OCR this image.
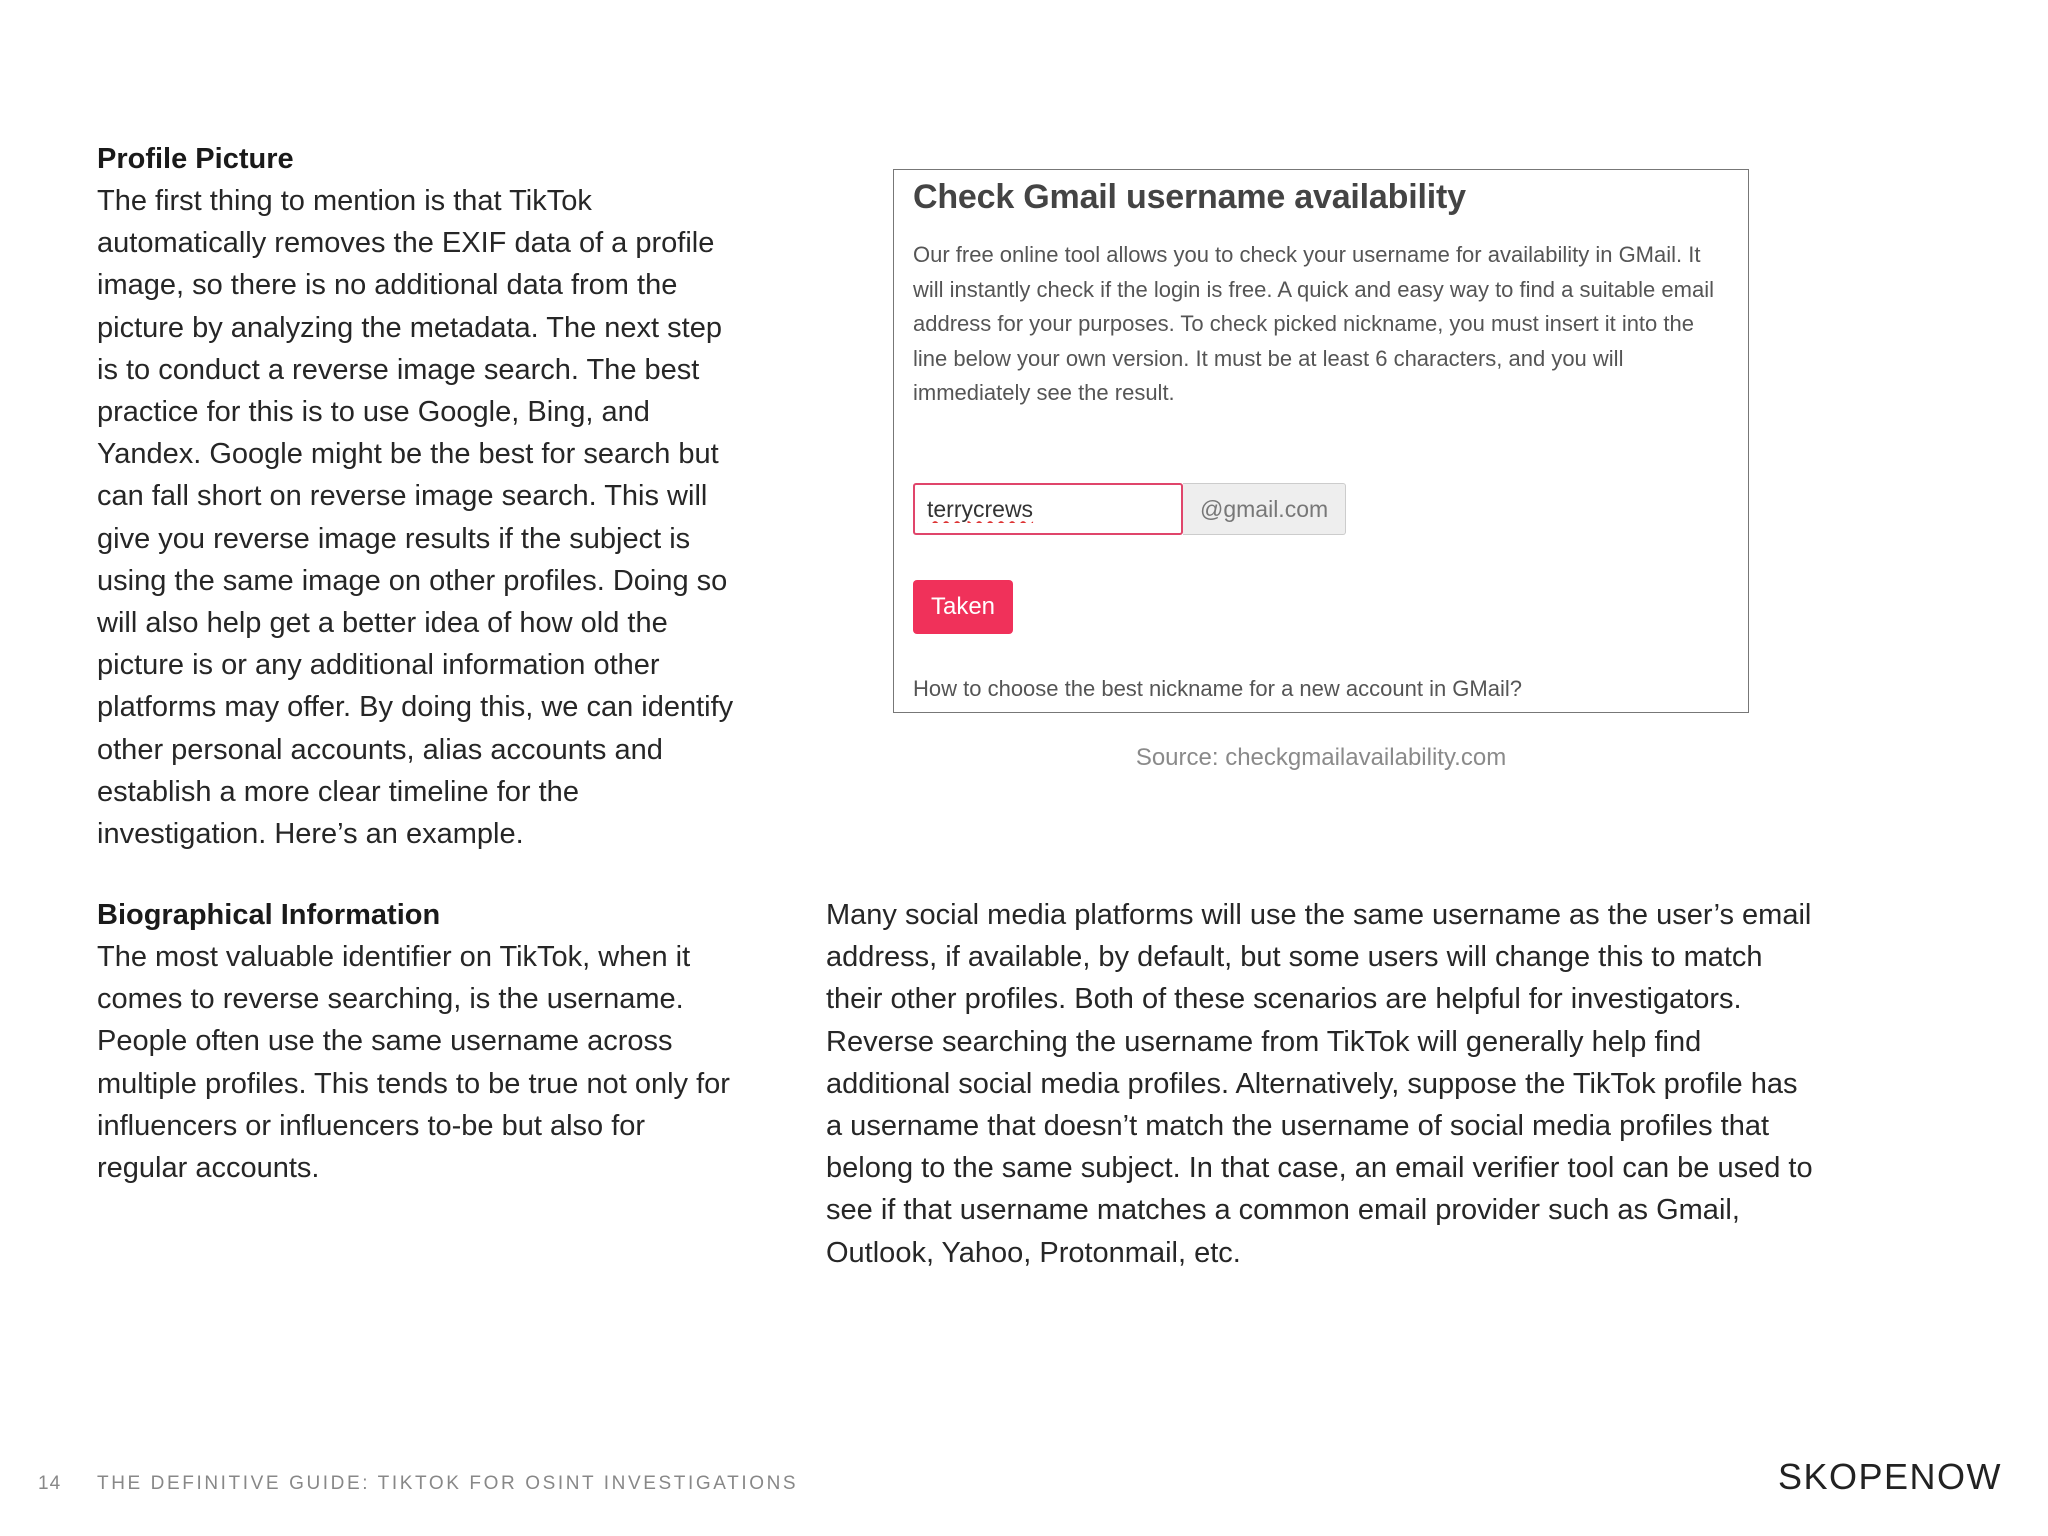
Profile Picture

The first thing to mention is that TikTok automatically removes the EXIF data of a profile image, so there is no additional data from the picture by analyzing the metadata. The next step is to conduct a reverse image search. The best practice for this is to use Google, Bing, and Yandex. Google might be the best for search but can fall short on reverse image search. This will give you reverse image results if the subject is using the same image on other profiles. Doing so will also help get a better idea of how old the picture is or any additional information other platforms may offer. By doing this, we can identify other personal accounts, alias accounts and establish a more clear timeline for the investigation. Here’s an example.

Check Gmail username availability

Our free online tool allows you to check your username for availability in GMail. It will instantly check if the login is free. A quick and easy way to find a suitable email address for your purposes. To check picked nickname, you must insert it into the line below your own version. It must be at least 6 characters, and you will immediately see the result.

terrycrews
@gmail.com
Taken
How to choose the best nickname for a new account in GMail?
Source: checkgmailavailability.com
Biographical Information

The most valuable identifier on TikTok, when it comes to reverse searching, is the username. People often use the same username across multiple profiles. This tends to be true not only for influencers or influencers to-be but also for regular accounts.

Many social media platforms will use the same username as the user’s email address, if available, by default, but some users will change this to match their other profiles. Both of these scenarios are helpful for investigators. Reverse searching the username from TikTok will generally help find additional social media profiles. Alternatively, suppose the TikTok profile has a username that doesn’t match the username of social media profiles that belong to the same subject. In that case, an email verifier tool can be used to see if that username matches a common email provider such as Gmail, Outlook, Yahoo, Protonmail, etc.

14 THE DEFINITIVE GUIDE: TIKTOK FOR OSINT INVESTIGATIONS	SKOPENOW
